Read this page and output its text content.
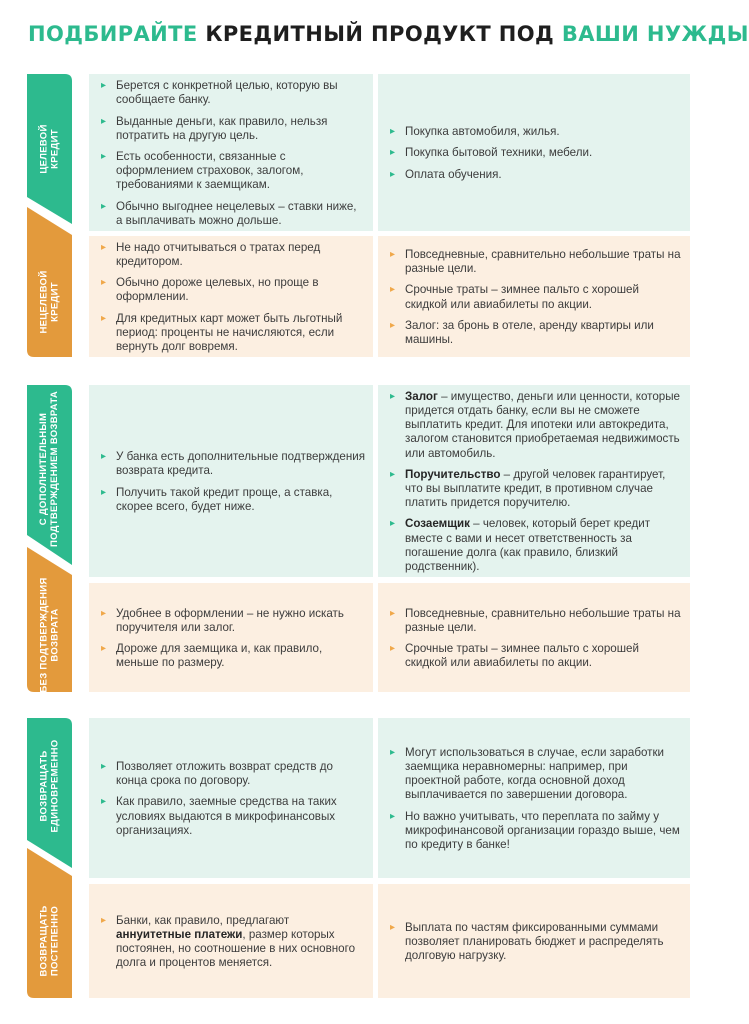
ПОДБИРАЙТЕ КРЕДИТНЫЙ ПРОДУКТ ПОД ВАШИ НУЖДЫ
ЦЕЛЕВОЙ КРЕДИТ
НЕЦЕЛЕВОЙ КРЕДИТ
▸ Берется с конкретной целью, которую вы сообщаете банку.
▸ Выданные деньги, как правило, нельзя потратить на другую цель.
▸ Есть особенности, связанные с оформлением страховок, залогом, требованиями к заемщикам.
▸ Обычно выгоднее нецелевых – ставки ниже, а выплачивать можно дольше.
▸ Покупка автомобиля, жилья.
▸ Покупка бытовой техники, мебели.
▸ Оплата обучения.
▸ Не надо отчитываться о тратах перед кредитором.
▸ Обычно дороже целевых, но проще в оформлении.
▸ Для кредитных карт может быть льготный период: проценты не начисляются, если вернуть долг вовремя.
▸ Повседневные, сравнительно небольшие траты на разные цели.
▸ Срочные траты – зимнее пальто с хорошей скидкой или авиабилеты по акции.
▸ Залог: за бронь в отеле, аренду квартиры или машины.
С ДОПОЛНИТЕЛЬНЫМ ПОДТВЕРЖДЕНИЕМ ВОЗВРАТА
БЕЗ ПОДТВЕРЖДЕНИЯ ВОЗВРАТА
▸ У банка есть дополнительные подтверждения возврата кредита.
▸ Получить такой кредит проще, а ставка, скорее всего, будет ниже.
▸ Залог – имущество, деньги или ценности, которые придется отдать банку, если вы не сможете выплатить кредит. Для ипотеки или автокредита, залогом становится приобретаемая недвижимость или автомобиль.
▸ Поручительство – другой человек гарантирует, что вы выплатите кредит, в противном случае платить придется поручителю.
▸ Созаемщик – человек, который берет кредит вместе с вами и несет ответственность за погашение долга (как правило, близкий родственник).
▸ Удобнее в оформлении – не нужно искать поручителя или залог.
▸ Дороже для заемщика и, как правило, меньше по размеру.
▸ Повседневные, сравнительно небольшие траты на разные цели.
▸ Срочные траты – зимнее пальто с хорошей скидкой или авиабилеты по акции.
ВОЗВРАЩАТЬ ЕДИНОВРЕМЕННО
ВОЗВРАЩАТЬ ПОСТЕПЕННО
▸ Позволяет отложить возврат средств до конца срока по договору.
▸ Как правило, заемные средства на таких условиях выдаются в микрофинансовых организациях.
▸ Могут использоваться в случае, если заработки заемщика неравномерны: например, при проектной работе, когда основной доход выплачивается по завершении договора.
▸ Но важно учитывать, что переплата по займу у микрофинансовой организации гораздо выше, чем по кредиту в банке!
▸ Банки, как правило, предлагают аннуитетные платежи, размер которых постоянен, но соотношение в них основного долга и процентов меняется.
▸ Выплата по частям фиксированными суммами позволяет планировать бюджет и распределять долговую нагрузку.
